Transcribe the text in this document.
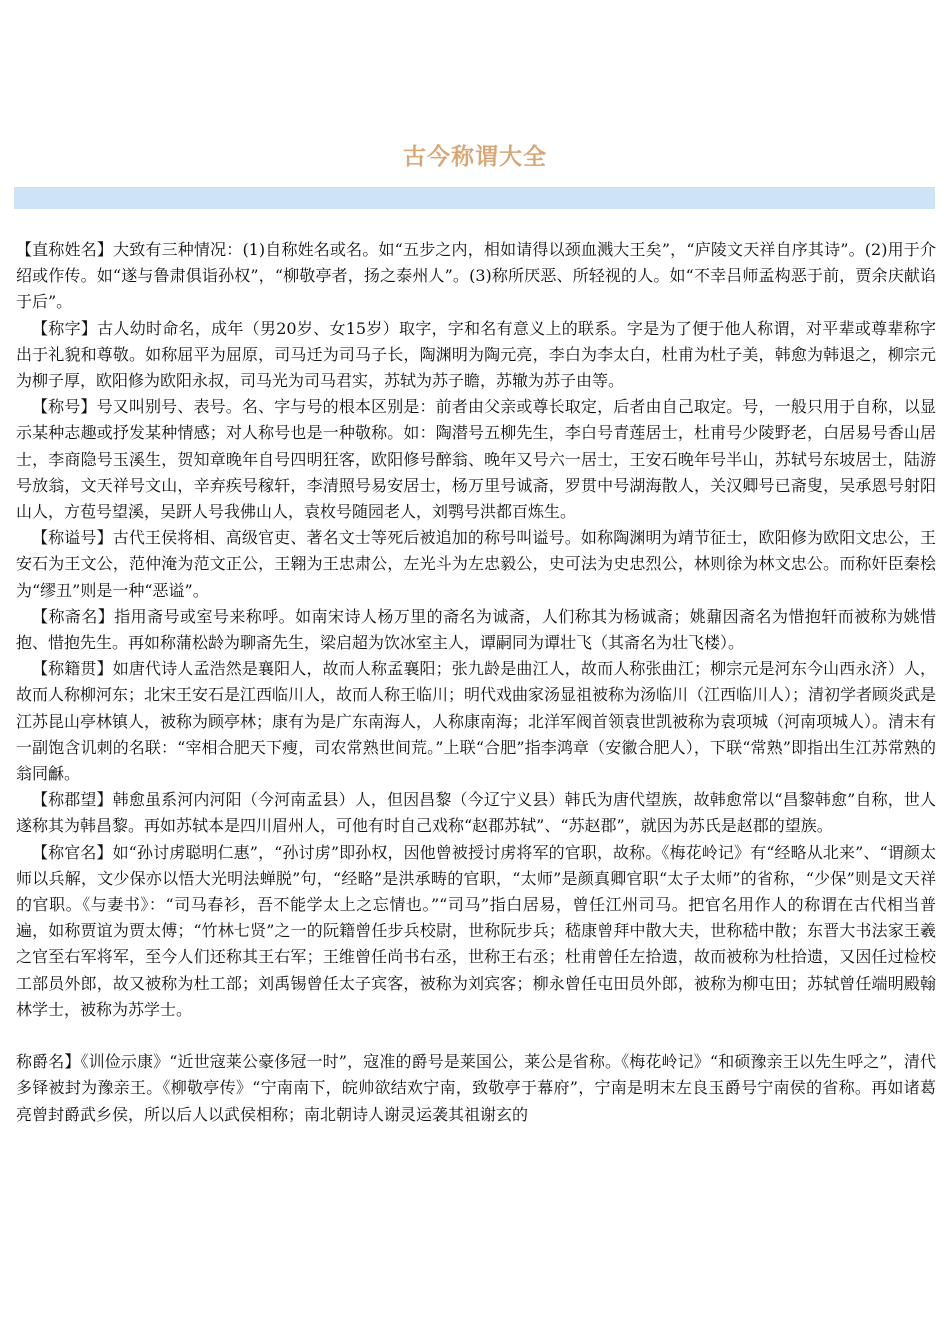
古今称谓大全

【直称姓名】大致有三种情况：(1)自称姓名或名。如“五步之内，相如请得以颈血溅大王矣”，“庐陵文天祥自序其诗”。(2)用于介绍或作传。如“遂与鲁肃俱诣孙权”，“柳敬亭者，扬之泰州人”。(3)称所厌恶、所轻视的人。如“不幸吕师孟构恶于前，贾余庆献谄于后”。

【称字】古人幼时命名，成年（男20岁、女15岁）取字，字和名有意义上的联系。字是为了便于他人称谓，对平辈或尊辈称字出于礼貌和尊敬。如称屈平为屈原，司马迁为司马子长，陶渊明为陶元亮，李白为李太白，杜甫为杜子美，韩愈为韩退之，柳宗元为柳子厚，欧阳修为欧阳永叔，司马光为司马君实，苏轼为苏子瞻，苏辙为苏子由等。

【称号】号又叫别号、表号。名、字与号的根本区别是：前者由父亲或尊长取定，后者由自己取定。号，一般只用于自称，以显示某种志趣或抒发某种情感；对人称号也是一种敬称。如：陶潜号五柳先生，李白号青莲居士，杜甫号少陵野老，白居易号香山居士，李商隐号玉溪生，贺知章晚年自号四明狂客，欧阳修号醉翁、晚年又号六一居士，王安石晚年号半山，苏轼号东坡居士，陆游号放翁，文天祥号文山，辛弃疾号稼轩，李清照号易安居士，杨万里号诚斋，罗贯中号湖海散人，关汉卿号已斋叟，吴承恩号射阳山人，方苞号望溪，吴趼人号我佛山人，袁枚号随园老人，刘鹗号洪都百炼生。

【称谥号】古代王侯将相、高级官吏、著名文士等死后被追加的称号叫谥号。如称陶渊明为靖节征士，欧阳修为欧阳文忠公，王安石为王文公，范仲淹为范文正公，王翱为王忠肃公，左光斗为左忠毅公，史可法为史忠烈公，林则徐为林文忠公。而称奸臣秦桧为“缪丑”则是一种“恶谥”。

【称斋名】指用斋号或室号来称呼。如南宋诗人杨万里的斋名为诚斋，人们称其为杨诚斋；姚鼐因斋名为惜抱轩而被称为姚惜抱、惜抱先生。再如称蒲松龄为聊斋先生，梁启超为饮冰室主人，谭嗣同为谭壮飞（其斋名为壮飞楼）。

【称籍贯】如唐代诗人孟浩然是襄阳人，故而人称孟襄阳；张九龄是曲江人，故而人称张曲江；柳宗元是河东今山西永济）人，故而人称柳河东；北宋王安石是江西临川人，故而人称王临川；明代戏曲家汤显祖被称为汤临川（江西临川人）；清初学者顾炎武是江苏昆山亭林镇人，被称为顾亭林；康有为是广东南海人，人称康南海；北洋军阀首领袁世凯被称为袁项城（河南项城人）。清末有一副饱含讥刺的名联：“宰相合肥天下瘦，司农常熟世间荒。”上联“合肥”指李鸿章（安徽合肥人），下联“常熟”即指出生江苏常熟的翁同龢。

【称郡望】韩愈虽系河内河阳（今河南孟县）人，但因昌黎（今辽宁义县）韩氏为唐代望族，故韩愈常以“昌黎韩愈”自称，世人遂称其为韩昌黎。再如苏轼本是四川眉州人，可他有时自己戏称“赵郡苏轼”、“苏赵郡”，就因为苏氏是赵郡的望族。

【称官名】如“孙讨虏聪明仁惠”，“孙讨虏”即孙权，因他曾被授讨虏将军的官职，故称。《梅花岭记》有“经略从北来”、“谓颜太师以兵解，文少保亦以悟大光明法蝉脱”句，“经略”是洪承畴的官职，“太师”是颜真卿官职“太子太师”的省称，“少保”则是文天祥的官职。《与妻书》：“司马春衫，吾不能学太上之忘情也。”“司马”指白居易，曾任江州司马。把官名用作人的称谓在古代相当普遍，如称贾谊为贾太傅；“竹林七贤”之一的阮籍曾任步兵校尉，世称阮步兵；嵇康曾拜中散大夫，世称嵇中散；东晋大书法家王羲之官至右军将军，至今人们还称其王右军；王维曾任尚书右丞，世称王右丞；杜甫曾任左拾遗，故而被称为杜拾遗，又因任过检校工部员外郎，故又被称为杜工部；刘禹锡曾任太子宾客，被称为刘宾客；柳永曾任屯田员外郎，被称为柳屯田；苏轼曾任端明殿翰林学士，被称为苏学士。

称爵名】《训俭示康》“近世寇莱公豪侈冠一时”，寇准的爵号是莱国公，莱公是省称。《梅花岭记》“和硕豫亲王以先生呼之”，清代多铎被封为豫亲王。《柳敬亭传》“宁南南下，皖帅欲结欢宁南，致敬亭于幕府”，宁南是明末左良玉爵号宁南侯的省称。再如诸葛亮曾封爵武乡侯，所以后人以武侯相称；南北朝诗人谢灵运袭其祖谢玄的
